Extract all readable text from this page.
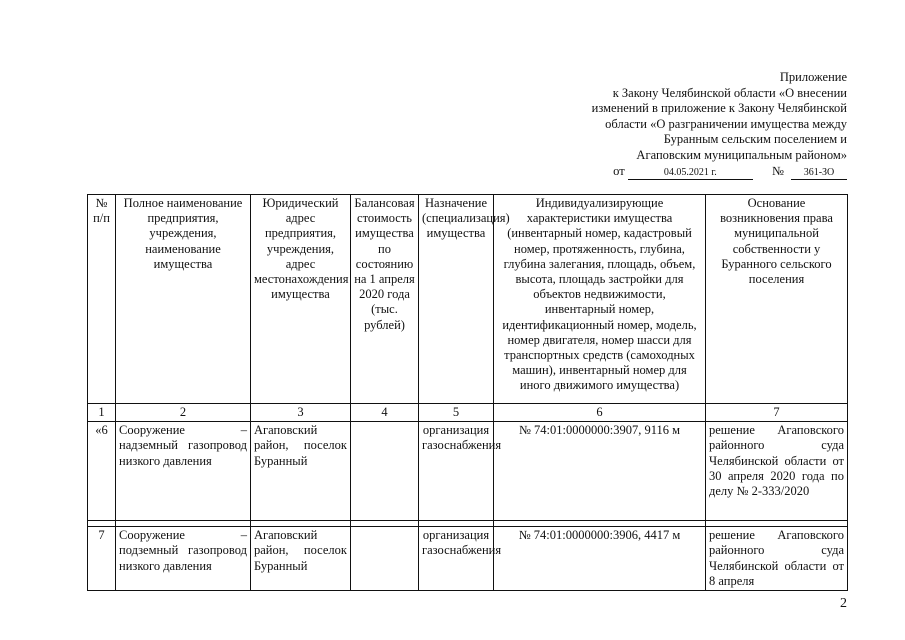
Приложение
к Закону Челябинской области «О внесении
изменений в приложение к Закону Челябинской
области «О разграничении имущества между
Буранным сельским поселением и
Агаповским муниципальным районом»
от	04.05.2021 г.	№ 361-ЗО
№ п/п	Полное наименование предприятия, учреждения, наименование имущества	Юридический адрес предприятия, учреждения, адрес местонахождения имущества	Балансовая стоимость имущества по состоянию на 1 апреля 2020 года (тыс. рублей)	Назначение (специализация) имущества	Индивидуализирующие характеристики имущества (инвентарный номер, кадастровый номер, протяженность, глубина, глубина залегания, площадь, объем, высота, площадь застройки для объектов недвижимости, инвентарный номер, идентификационный номер, модель, номер двигателя, номер шасси для транспортных средств (самоходных машин), инвентарный номер для иного движимого имущества)	Основание возникновения права муниципальной собственности у Буранного сельского поселения
1	2	3	4	5	6	7
«6	Сооружение – надземный газопровод низкого давления	Агаповский район, поселок Буранный		организация газоснабжения	№ 74:01:0000000:3907, 9116 м	решение Агаповского районного суда Челябинской области от 30 апреля 2020 года по делу № 2-333/2020

7	Сооружение – подземный газопровод низкого давления	Агаповский район, поселок Буранный		организация газоснабжения	№ 74:01:0000000:3906, 4417 м	решение Агаповского районного суда Челябинской области от 8 апреля
2
